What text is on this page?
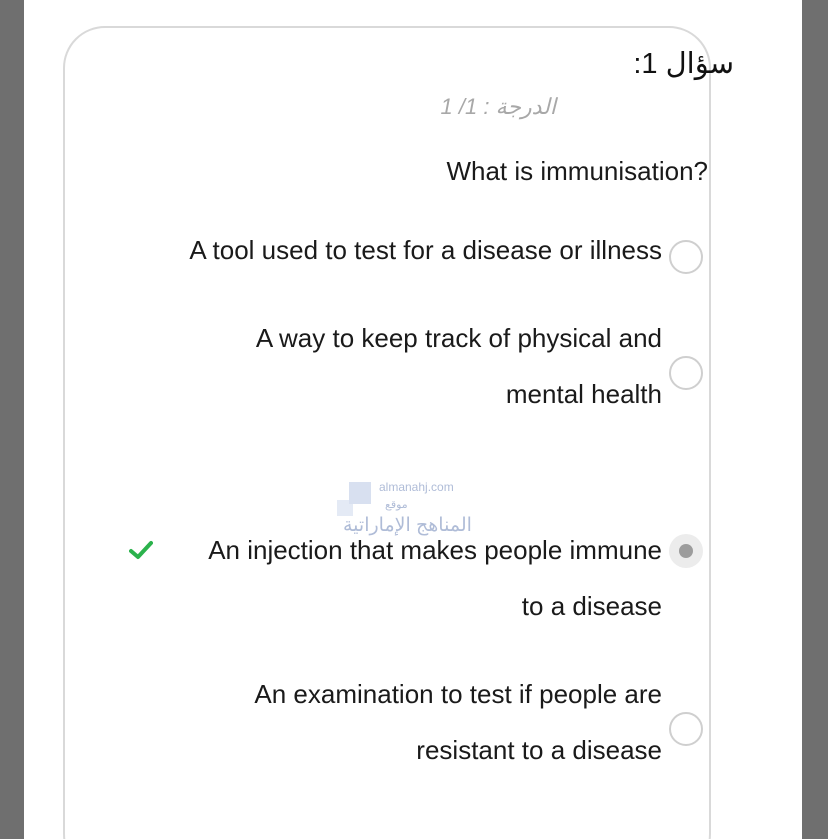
سؤال 1:
الدرجة : 1/ 1
What is immunisation?
A tool used to test for a disease or illness
A way to keep track of physical and
mental health
An injection that makes people immune
to a disease
An examination to test if people are
resistant to a disease
almanahj.com
موقع
المناهج الإماراتية
